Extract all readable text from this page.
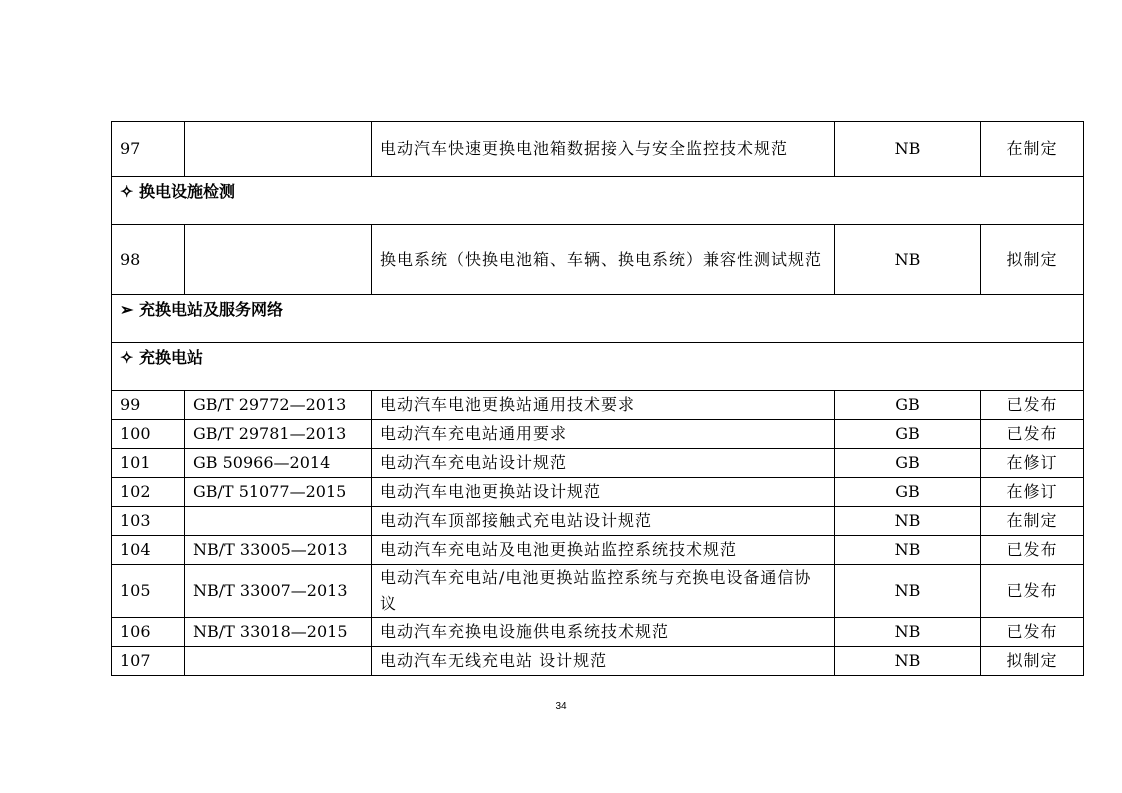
97		电动汽车快速更换电池箱数据接入与安全监控技术规范	NB	在制定
✧ 换电设施检测				
98		换电系统（快换电池箱、车辆、换电系统）兼容性测试规范	NB	拟制定
➢ 充换电站及服务网络				
✧ 充换电站				
99	GB/T 29772—2013	电动汽车电池更换站通用技术要求	GB	已发布
100	GB/T 29781—2013	电动汽车充电站通用要求	GB	已发布
101	GB 50966—2014	电动汽车充电站设计规范	GB	在修订
102	GB/T 51077—2015	电动汽车电池更换站设计规范	GB	在修订
103		电动汽车顶部接触式充电站设计规范	NB	在制定
104	NB/T 33005—2013	电动汽车充电站及电池更换站监控系统技术规范	NB	已发布
105	NB/T 33007—2013	电动汽车充电站/电池更换站监控系统与充换电设备通信协议	NB	已发布
106	NB/T 33018—2015	电动汽车充换电设施供电系统技术规范	NB	已发布
107		电动汽车无线充电站 设计规范	NB	拟制定
34
